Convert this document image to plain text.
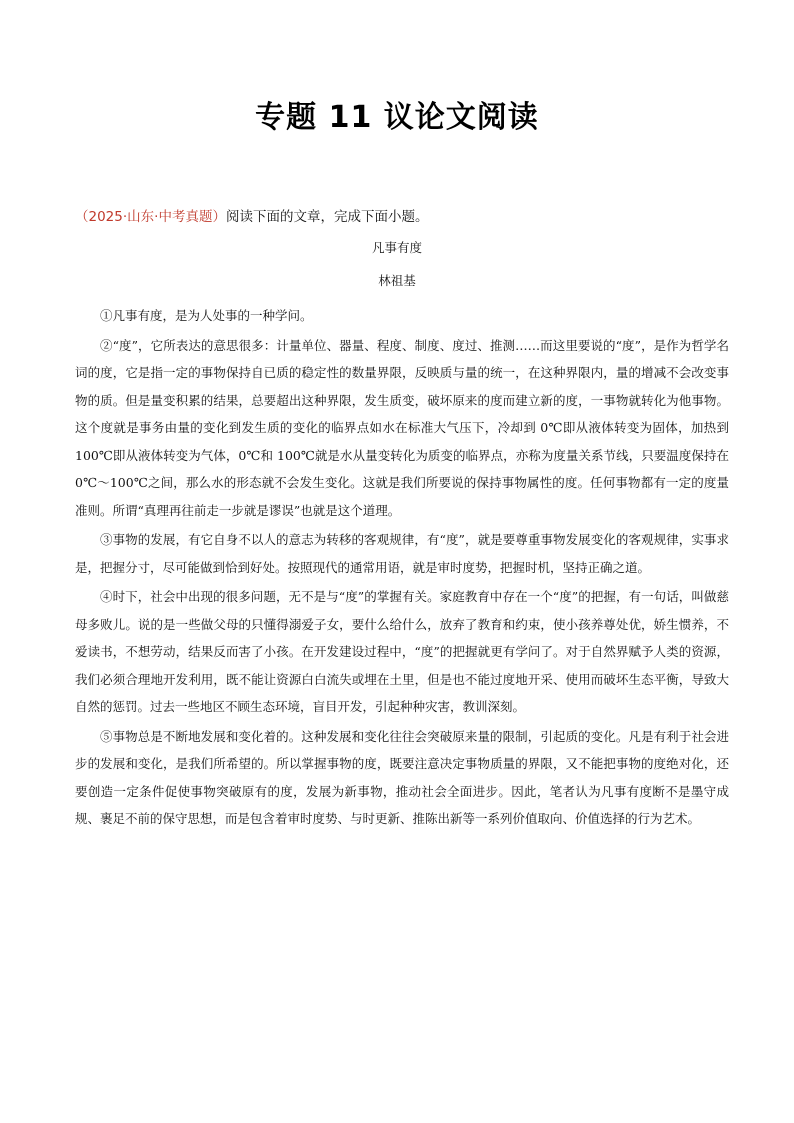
专题 11 议论文阅读
（2025·山东·中考真题）阅读下面的文章，完成下面小题。
凡事有度
林祖基

①凡事有度，是为人处事的一种学问。

②“度”，它所表达的意思很多：计量单位、器量、程度、制度、度过、推测……而这里要说的“度”，是作为哲学名词的度，它是指一定的事物保持自已质的稳定性的数量界限，反映质与量的统一，在这种界限内，量的增减不会改变事物的质。但是量变积累的结果，总要超出这种界限，发生质变，破坏原来的度而建立新的度，一事物就转化为他事物。这个度就是事务由量的变化到发生质的变化的临界点如水在标准大气压下，冷却到 0℃即从液体转变为固体，加热到 100℃即从液体转变为气体，0℃和 100℃就是水从量变转化为质变的临界点，亦称为度量关系节线，只要温度保持在 0℃～100℃之间，那么水的形态就不会发生变化。这就是我们所要说的保持事物属性的度。任何事物都有一定的度量准则。所谓“真理再往前走一步就是谬误”也就是这个道理。

③事物的发展，有它自身不以人的意志为转移的客观规律，有“度”，就是要尊重事物发展变化的客观规律，实事求是，把握分寸，尽可能做到恰到好处。按照现代的通常用语，就是审时度势，把握时机，坚持正确之道。

④时下，社会中出现的很多问题，无不是与“度”的掌握有关。家庭教育中存在一个“度”的把握，有一句话，叫做慈母多败儿。说的是一些做父母的只懂得溺爱子女，要什么给什么，放弃了教育和约束，使小孩养尊处优，娇生惯养，不爱读书，不想劳动，结果反而害了小孩。在开发建设过程中，“度”的把握就更有学问了。对于自然界赋予人类的资源，我们必须合理地开发利用，既不能让资源白白流失或埋在土里，但是也不能过度地开采、使用而破坏生态平衡，导致大自然的惩罚。过去一些地区不顾生态环境，盲目开发，引起种种灾害，教训深刻。

⑤事物总是不断地发展和变化着的。这种发展和变化往往会突破原来量的限制，引起质的变化。凡是有利于社会进步的发展和变化，是我们所希望的。所以掌握事物的度，既要注意决定事物质量的界限，又不能把事物的度绝对化，还要创造一定条件促使事物突破原有的度，发展为新事物，推动社会全面进步。因此，笔者认为凡事有度断不是墨守成规、裹足不前的保守思想，而是包含着审时度势、与时更新、推陈出新等一系列价值取向、价值选择的行为艺术。
